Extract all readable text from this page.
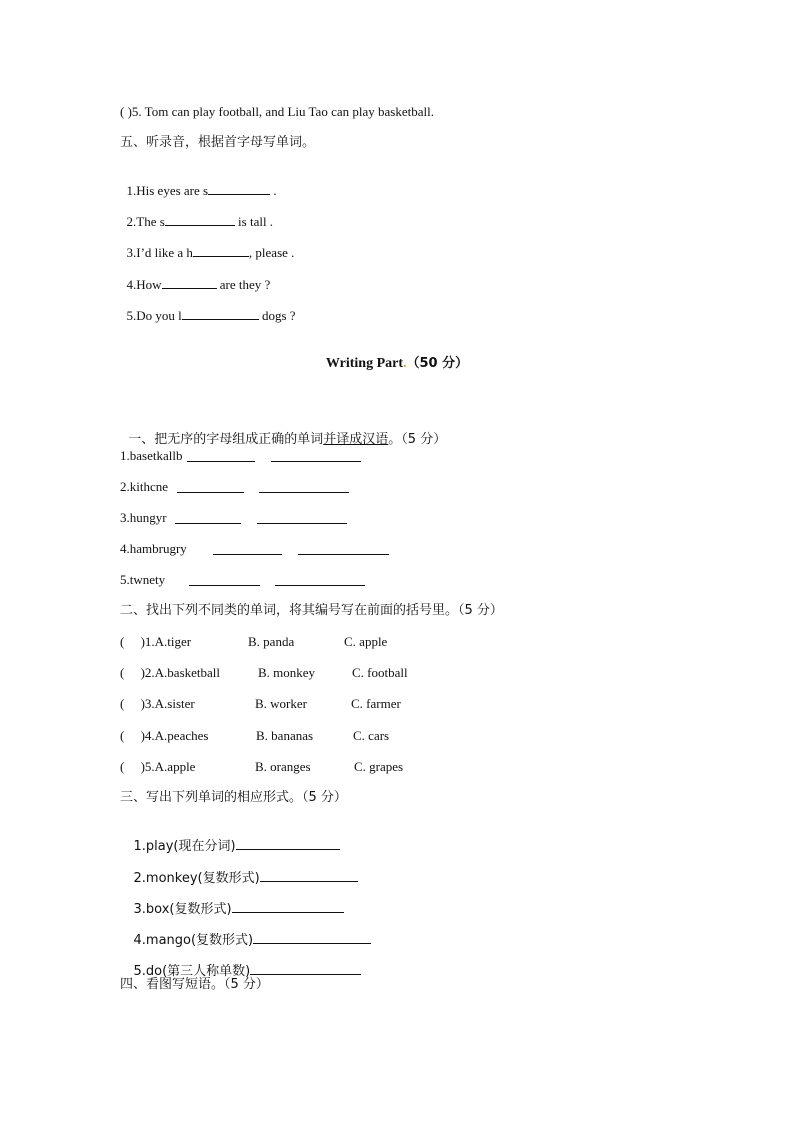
( )5. Tom can play football, and Liu Tao can play basketball.
五、听录音，根据首字母写单词。

1.His eyes are s	.

2.The s	is tall .

3.I’d like a h	, please .

4.How	are they ?

5.Do you l	dogs ?

Writing Part.（50 分）

一、把无序的字母组成正确的单词并译成汉语。（5 分）

1.basetkallb
2.kithcne
3.hungyr
4.hambrugry
5.twnety
二、找出下列不同类的单词，将其编号写在前面的括号里。（5 分）
(     )1.A.tiger	B. panda	C. apple
(     )2.A.basketball	B. monkey	C. football
(     )3.A.sister	B. worker	C. farmer
(     )4.A.peaches	B. bananas	C. cars
(     )5.A.apple	B. oranges	C. grapes
三、写出下列单词的相应形式。（5 分）

1.play(现在分词)

2.monkey(复数形式)

3.box(复数形式)

4.mango(复数形式)

5.do(第三人称单数)

四、看图写短语。（5 分）
